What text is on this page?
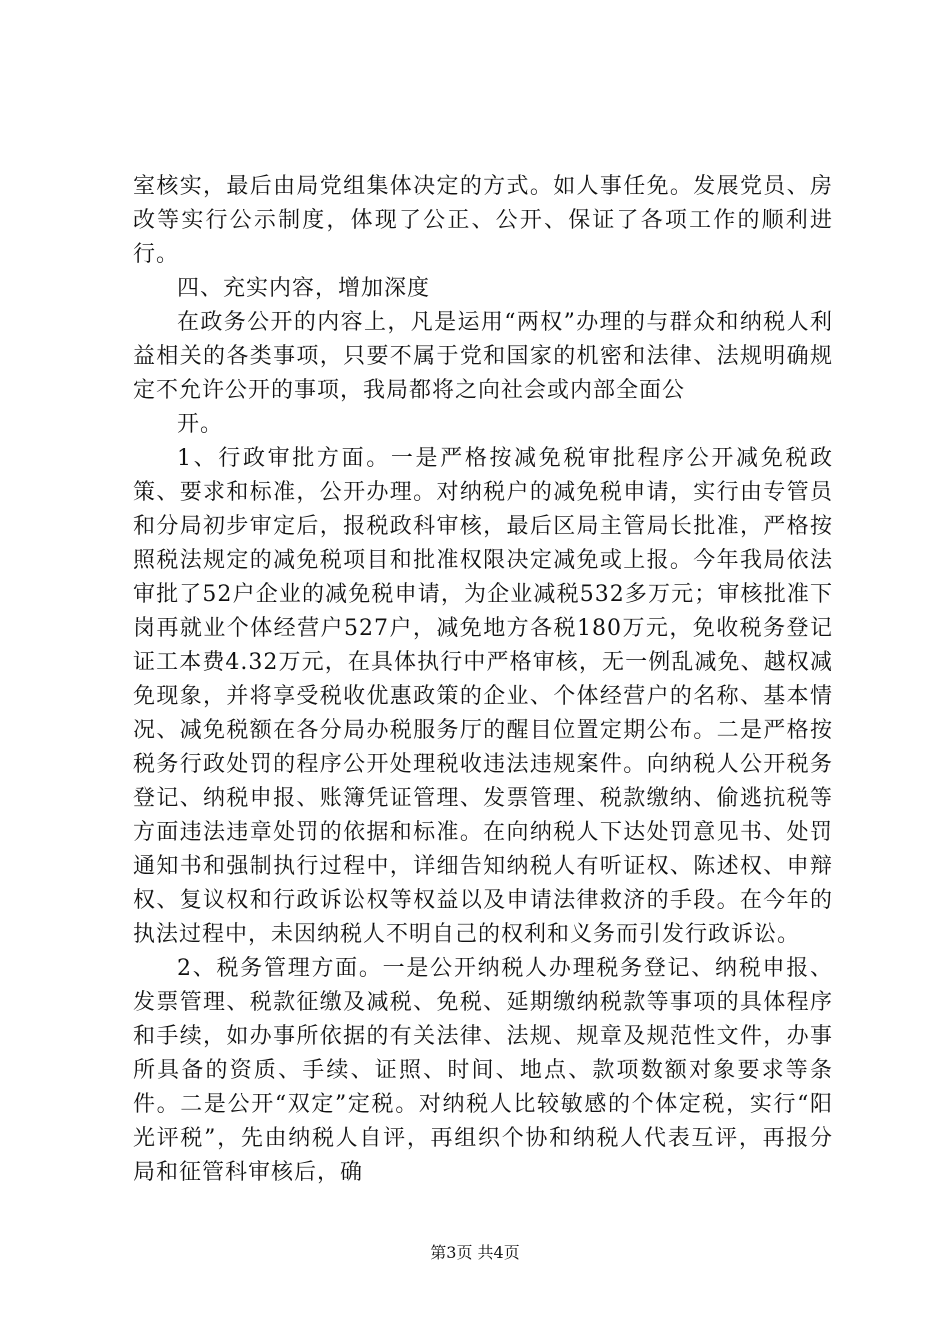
室核实，最后由局党组集体决定的方式。如人事任免。发展党员、房改等实行公示制度，体现了公正、公开、保证了各项工作的顺利进行。

四、充实内容，增加深度

在政务公开的内容上，凡是运用“两权”办理的与群众和纳税人利益相关的各类事项，只要不属于党和国家的机密和法律、法规明确规定不允许公开的事项，我局都将之向社会或内部全面公

开。

1、行政审批方面。一是严格按减免税审批程序公开减免税政策、要求和标准，公开办理。对纳税户的减免税申请，实行由专管员和分局初步审定后，报税政科审核，最后区局主管局长批准，严格按照税法规定的减免税项目和批准权限决定减免或上报。今年我局依法审批了52户企业的减免税申请，为企业减税532多万元；审核批准下岗再就业个体经营户527户，减免地方各税180万元，免收税务登记证工本费4.32万元，在具体执行中严格审核，无一例乱减免、越权减免现象，并将享受税收优惠政策的企业、个体经营户的名称、基本情况、减免税额在各分局办税服务厅的醒目位置定期公布。二是严格按税务行政处罚的程序公开处理税收违法违规案件。向纳税人公开税务登记、纳税申报、账簿凭证管理、发票管理、税款缴纳、偷逃抗税等方面违法违章处罚的依据和标准。在向纳税人下达处罚意见书、处罚通知书和强制执行过程中，详细告知纳税人有听证权、陈述权、申辩权、复议权和行政诉讼权等权益以及申请法律救济的手段。在今年的执法过程中，未因纳税人不明自己的权利和义务而引发行政诉讼。

2、税务管理方面。一是公开纳税人办理税务登记、纳税申报、发票管理、税款征缴及减税、免税、延期缴纳税款等事项的具体程序和手续，如办事所依据的有关法律、法规、规章及规范性文件，办事所具备的资质、手续、证照、时间、地点、款项数额对象要求等条件。二是公开“双定”定税。对纳税人比较敏感的个体定税，实行“阳光评税”，先由纳税人自评，再组织个协和纳税人代表互评，再报分局和征管科审核后，确

第3页 共4页
